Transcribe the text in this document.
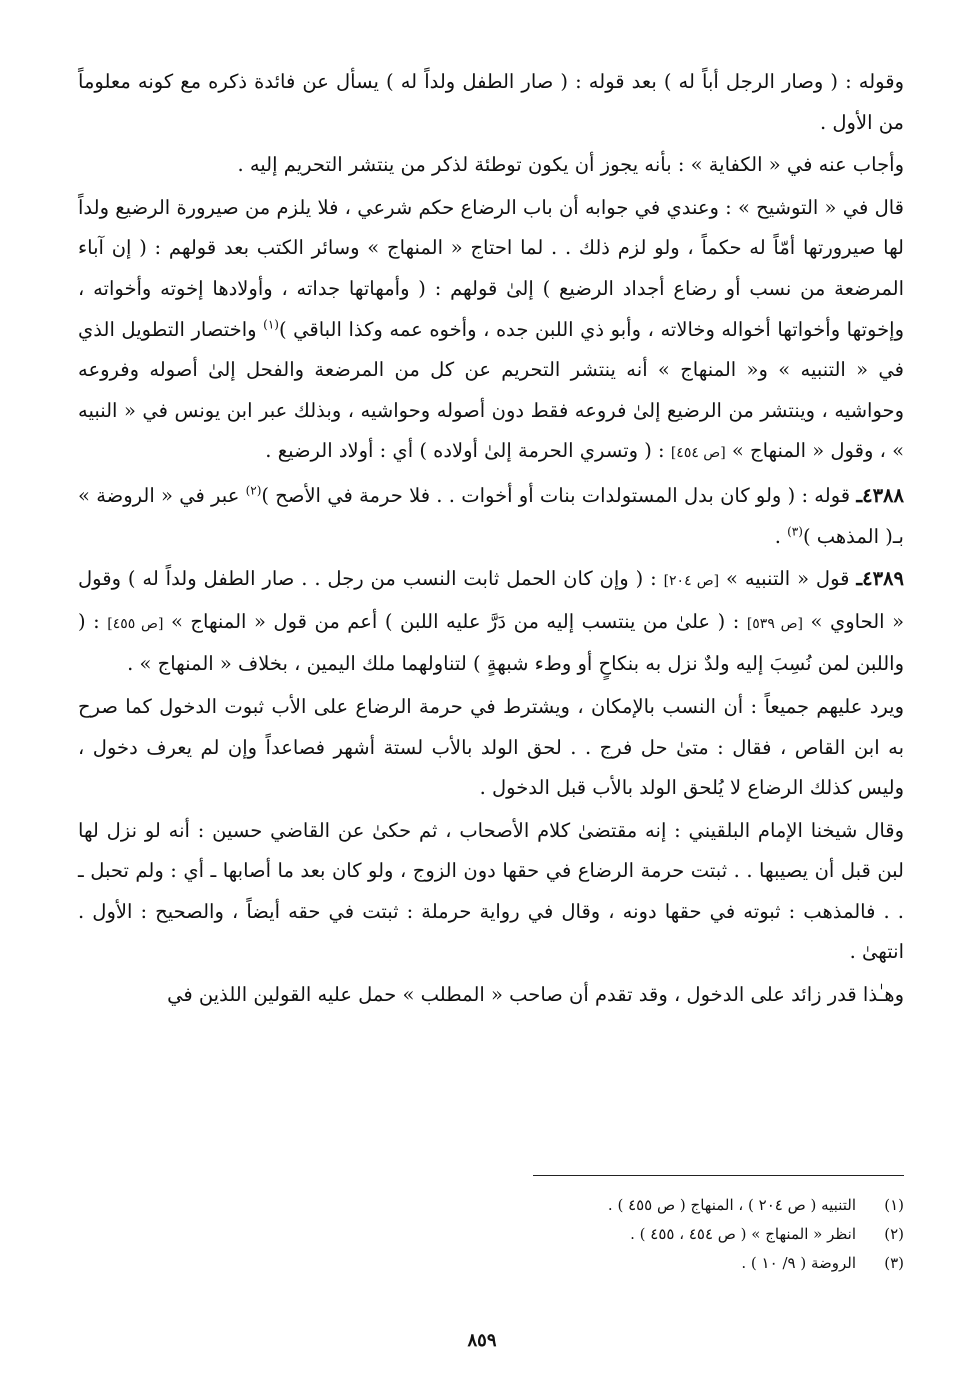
وقوله : ( وصار الرجل أباً له ) بعد قوله : ( صار الطفل ولداً له ) يسأل عن فائدة ذكره مع كونه معلوماً من الأول .

وأجاب عنه في « الكفاية » : بأنه يجوز أن يكون توطئة لذكر من ينتشر التحريم إليه .

قال في « التوشيح » : وعندي في جوابه أن باب الرضاع حكم شرعي ، فلا يلزم من صيرورة الرضيع ولداً لها صيرورتها أمّاً له حكماً ، ولو لزم ذلك . . لما احتاج « المنهاج » وسائر الكتب بعد قولهم : ( إن آباء المرضعة من نسب أو رضاع أجداد الرضيع ) إلىٰ قولهم : ( وأمهاتها جداته ، وأولادها إخوته وأخواته ، وإخوتها وأخواتها أخواله وخالاته ، وأبو ذي اللبن جده ، وأخوه عمه وكذا الباقي )$^{(١)}$ واختصار التطويل الذي في « التنبيه » و« المنهاج » أنه ينتشر التحريم عن كل من المرضعة والفحل إلىٰ أصوله وفروعه وحواشيه ، وينتشر من الرضيع إلىٰ فروعه فقط دون أصوله وحواشيه ، وبذلك عبر ابن يونس في « النبيه » ، وقول « المنهاج » [ص ٤٥٤] : ( وتسري الحرمة إلىٰ أولاده ) أي : أولاد الرضيع .

٤٣٨٨ـ قوله : ( ولو كان بدل المستولدات بنات أو أخوات . . فلا حرمة في الأصح )$^{(٢)}$ عبر في « الروضة » بـ( المذهب )$^{(٣)}$ .

٤٣٨٩ـ قول « التنبيه » [ص ٢٠٤] : ( وإن كان الحمل ثابت النسب من رجل . . صار الطفل ولداً له ) وقول « الحاوي » [ص ٥٣٩] : ( علىٰ من ينتسب إليه من دَرَّ عليه اللبن ) أعم من قول « المنهاج » [ص ٤٥٥] : ( واللبن لمن نُسِبَ إليه ولدٌ نزل به بنكاحٍ أو وطء شبهةٍ ) لتناولهما ملك اليمين ، بخلاف « المنهاج » .

ويرد عليهم جميعاً : أن النسب بالإمكان ، ويشترط في حرمة الرضاع على الأب ثبوت الدخول كما صرح به ابن القاص ، فقال : متىٰ حل فرج . . لحق الولد بالأب لستة أشهر فصاعداً وإن لم يعرف دخول ، وليس كذلك الرضاع لا يُلحق الولد بالأب قبل الدخول .

وقال شيخنا الإمام البلقيني : إنه مقتضىٰ كلام الأصحاب ، ثم حكىٰ عن القاضي حسين : أنه لو نزل لها لبن قبل أن يصيبها . . ثبتت حرمة الرضاع في حقها دون الزوج ، ولو كان بعد ما أصابها ـ أي : ولم تحبل ـ . . فالمذهب : ثبوته في حقها دونه ، وقال في رواية حرملة : ثبتت في حقه أيضاً ، والصحيح : الأول . انتهىٰ .

وهـٰذا قدر زائد على الدخول ، وقد تقدم أن صاحب « المطلب » حمل عليه القولين اللذين في

(١)
التنبيه ( ص ٢٠٤ ) ، المنهاج ( ص ٤٥٥ ) .
(٢)
انظر « المنهاج » ( ص ٤٥٤ ، ٤٥٥ ) .
(٣)
الروضة ( ٩/ ١٠ ) .
٨٥٩
